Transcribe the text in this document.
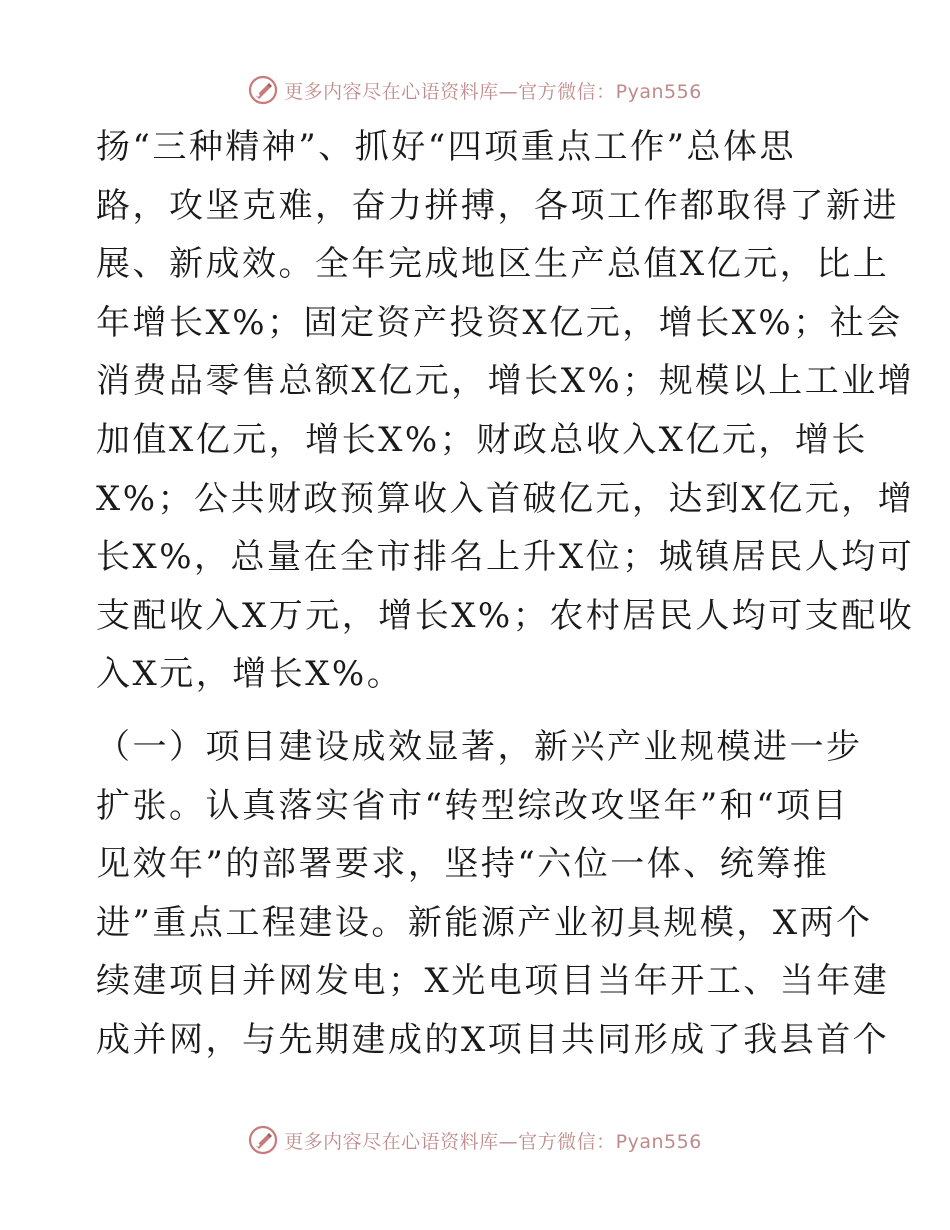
更多内容尽在心语资料库—官方微信：Pyan556
扬“三种精神”、抓好“四项重点工作”总体思
路，攻坚克难，奋力拼搏，各项工作都取得了新进
展、新成效。全年完成地区生产总值X亿元，比上
年增长X%；固定资产投资X亿元，增长X%；社会
消费品零售总额X亿元，增长X%；规模以上工业增
加值X亿元，增长X%；财政总收入X亿元，增长
X%；公共财政预算收入首破亿元，达到X亿元，增
长X%，总量在全市排名上升X位；城镇居民人均可
支配收入X万元，增长X%；农村居民人均可支配收
入X元，增长X%。
（一）项目建设成效显著，新兴产业规模进一步
扩张。认真落实省市“转型综改攻坚年”和“项目
见效年”的部署要求，坚持“六位一体、统筹推
进”重点工程建设。新能源产业初具规模，X两个
续建项目并网发电；X光电项目当年开工、当年建
成并网，与先期建成的X项目共同形成了我县首个
更多内容尽在心语资料库—官方微信：Pyan556
